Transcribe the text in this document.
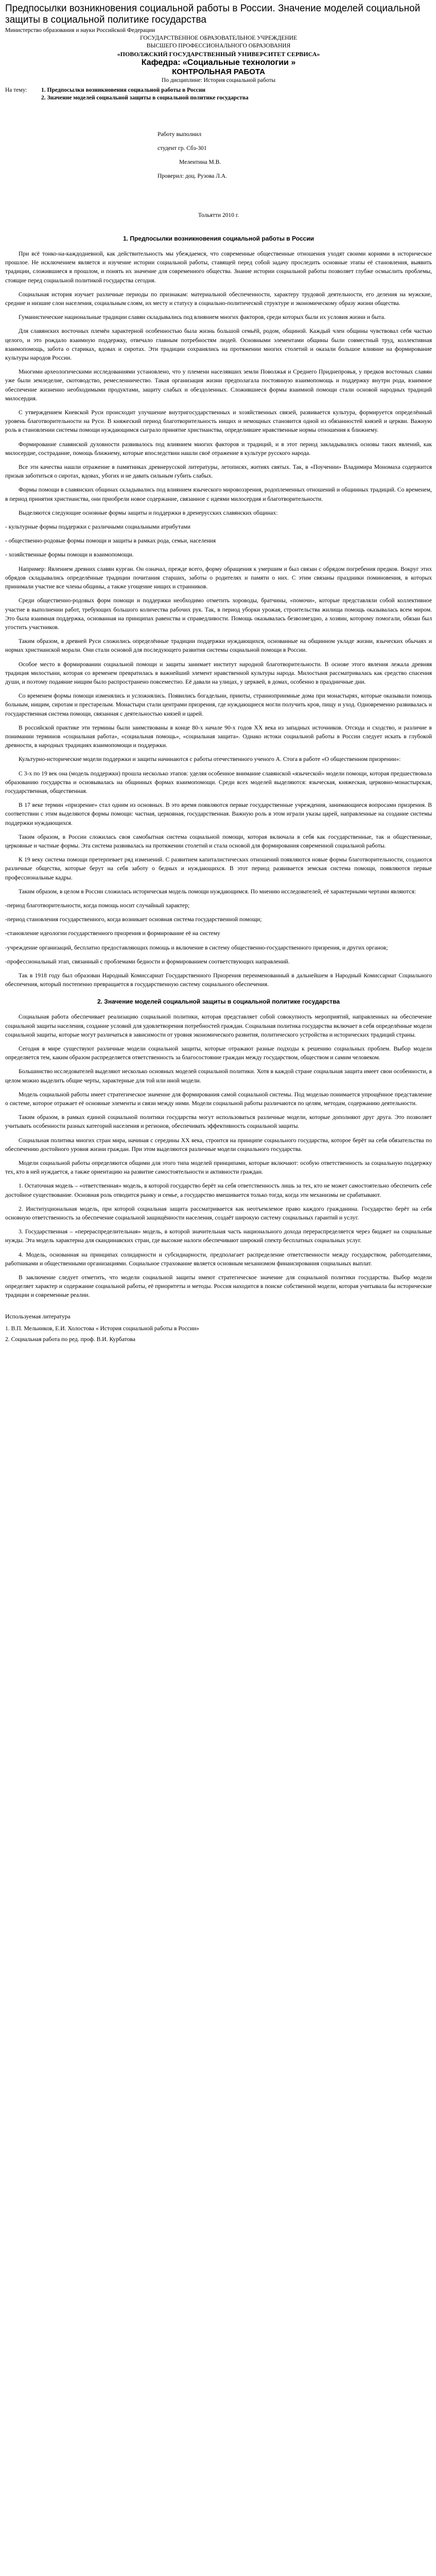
Предпосылки возникновения социальной работы в России. Значение моделей социальной защиты в социальной политике государства

Министерство образования и науки Российской Федерации

ГОСУДАРСТВЕННОЕ ОБРАЗОВАТЕЛЬНОЕ УЧРЕЖДЕНИЕ

ВЫСШЕГО ПРОФЕССИОНАЛЬНОГО ОБРАЗОВАНИЯ

«ПОВОЛЖСКИЙ ГОСУДАРСТВЕННЫЙ УНИВЕРСИТЕТ СЕРВИСА»

Кафедра: «Социальные технологии »

КОНТРОЛЬНАЯ РАБОТА

По дисциплине: История социальной работы

На тему:	1. Предпосылки возникновения социальной работы в России
2. Значение моделей социальной защиты в социальной политике государства

Работу выполнил

студент гр. Сбз-301

Мелентина М.В.

Проверил: доц. Рузова Л.А.

Тольятти 2010 г.

1. Предпосылки возникновения социальной работы в России

При всё тонко-на-каждодневной, как действительность мы убеждаемся, что современные общественные отношения уходят своими корнями в историческое прошлое. Не исключением является и изучение истории социальной работы, ставящей перед собой задачу проследить основные этапы её становления, выявить традиции, сложившиеся в прошлом, и понять их значение для современного общества. Знание истории социальной работы позволяет глубже осмыслить проблемы, стоящие перед социальной политикой государства сегодня.

Социальная история изучает различные периоды по признакам: материальной обеспеченности, характеру трудовой деятельности, его деления на мужские, средние и низшие слои населения, социальным слоям, их месту и статусу в социально-политической структуре и экономическому образу жизни общества.

Гуманистические национальные традиции славян складывались под влиянием многих факторов, среди которых были их условия жизни и быта.

Для славянских восточных племён характерной особенностью была жизнь большой семьёй, родом, общиной. Каждый член общины чувствовал себя частью целого, и это рождало взаимную поддержку, отвечало главным потребностям людей. Основными элементами общины были совместный труд, коллективная взаимопомощь, забота о стариках, вдовах и сиротах. Эти традиции сохранялись на протяжении многих столетий и оказали большое влияние на формирование культуры народов России.

Многими археологическими исследованиями установлено, что у племени населявших земли Поволжья и Среднего Приднепровья, у предков восточных славян уже были земледелие, скотоводство, ремесленничество. Такая организация жизни предполагала постоянную взаимопомощь и поддержку внутри рода, взаимное обеспечение жизненно необходимыми продуктами, защиту слабых и обездоленных. Сложившиеся формы взаимной помощи стали основой народных традиций милосердия.

С утверждением Киевской Руси происходит улучшение внутригосударственных и хозяйственных связей, развивается культура, формируется определённый уровень благотворительности на Руси. В княжеский период благотворительность нищих и немощных становится одной из обязанностей князей и церкви. Важную роль в становлении системы помощи нуждающимся сыграло принятие христианства, определившее нравственные нормы отношения к ближнему.

Формирование славянской духовности развивалось под влиянием многих факторов и традиций, и в этот период закладывались основы таких явлений, как милосердие, сострадание, помощь ближнему, которые впоследствии нашли своё отражение в культуре русского народа.

Все эти качества нашли отражение в памятниках древнерусской литературы, летописях, житиях святых. Так, в «Поучении» Владимира Мономаха содержится призыв заботиться о сиротах, вдовах, убогих и не давать сильным губить слабых.

Формы помощи в славянских общинах складывались под влиянием языческого мировоззрения, родоплеменных отношений и общинных традиций. Со временем, в период принятия христианства, они приобрели новое содержание, связанное с идеями милосердия и благотворительности.

Выделяются следующие основные формы защиты и поддержки в дренерусских славянских общинах:

- культурные формы поддержки с различными социальными атрибутами

- общественно-родовые формы помощи и защиты в рамках рода, семьи, населения

- хозяйственные формы помощи и взаимопомощи.

Например: Явлением древних славян курган. Он означал, прежде всего, форму обращения к умершим и был связан с обрядом погребения предков. Вокруг этих обрядов складывались определённые традиции почитания старших, заботы о родителях и памяти о них. С этим связаны праздники поминовения, в которых принимали участие все члены общины, а также угощение нищих и странников.

Среди общественно-родовых форм помощи и поддержки необходимо отметить хороводы, братчины, «помочи», которые представляли собой коллективное участие в выполнении работ, требующих большого количества рабочих рук. Так, в период уборки урожая, строительства жилища помощь оказывалась всем миром. Это была взаимная поддержка, основанная на принципах равенства и справедливости. Помощь оказывалась безвозмездно, а хозяин, которому помогали, обязан был угостить участников.

Таким образом, в древней Руси сложились определённые традиции поддержки нуждающихся, основанные на общинном укладе жизни, языческих обычаях и нормах христианской морали. Они стали основой для последующего развития системы социальной помощи в России.

Особое место в формировании социальной помощи и защиты занимает институт народной благотворительности. В основе этого явления лежала древняя традиция милостыни, которая со временем превратилась в важнейший элемент нравственной культуры народа. Милостыня рассматривалась как средство спасения души, и поэтому подаяние нищим было распространено повсеместно. Её давали на улицах, у церквей, в домах, особенно в праздничные дни.

Со временем формы помощи изменялись и усложнялись. Появились богадельни, приюты, странноприимные дома при монастырях, которые оказывали помощь больным, нищим, сиротам и престарелым. Монастыри стали центрами призрения, где нуждающиеся могли получить кров, пищу и уход. Одновременно развивалась и государственная система помощи, связанная с деятельностью князей и царей.

В российской практике эти термины были заимствованы в конце 80-х начале 90-х годов XX века из западных источников. Отсюда и сходство, и различие в понимании терминов «социальная работа», «социальная помощь», «социальная защита». Однако истоки социальной работы в России следует искать в глубокой древности, в народных традициях взаимопомощи и поддержки.

Культурно-исторические модели поддержки и защиты начинаются с работы отечественного ученого А. Стога в работе «О общественном призрении»:

С 3-х по 19 век она (модель поддержки) прошла несколько этапов: уделяя особенное внимание славянской «языческой» модели помощи, которая предшествовала образованию государства и основывалась на общинных формах взаимопомощи. Среди всех моделей выделяются: языческая, княжеская, церковно-монастырская, государственная, общественная.

В 17 веке термин «призрение» стал одним из основных. В это время появляются первые государственные учреждения, занимающиеся вопросами призрения. В соответствии с этим выделяются формы помощи: частная, церковная, государственная. Важную роль в этом играли указы царей, направленные на создание системы поддержки нуждающихся.

Таким образом, в России сложилась своя самобытная система социальной помощи, которая включала в себя как государственные, так и общественные, церковные и частные формы. Эта система развивалась на протяжении столетий и стала основой для формирования современной социальной работы.

К 19 веку система помощи претерпевает ряд изменений. С развитием капиталистических отношений появляются новые формы благотворительности, создаются различные общества, которые берут на себя заботу о бедных и нуждающихся. В этот период развивается земская система помощи, появляются первые профессиональные кадры.

Таким образом, в целом в России сложилась историческая модель помощи нуждающимся. По мнению исследователей, её характерными чертами являются:

-период благотворительности, когда помощь носит случайный характер;

-период становления государственного, когда возникает основная система государственной помощи;

-становление идеологии государственного призрения и формирование её на систему

-учреждение организаций, бесплатно предоставляющих помощь и включение в систему общественно-государственного призрения, и других органов;

-профессиональный этап, связанный с проблемами бедности и формированием соответствующих направлений.

Так в 1918 году был образован Народный Комиссариат Государственного Призрения переименованный в дальнейшем в Народный Комиссариат Социального обеспечения, который постепенно превращается в государственную систему социального обеспечения.

2. Значение моделей социальной защиты в социальной политике государства

Социальная работа обеспечивает реализацию социальной политики, которая представляет собой совокупность мероприятий, направленных на обеспечение социальной защиты населения, создание условий для удовлетворения потребностей граждан. Социальная политика государства включает в себя определённые модели социальной защиты, которые могут различаться в зависимости от уровня экономического развития, политического устройства и исторических традиций страны.

Сегодня в мире существуют различные модели социальной защиты, которые отражают разные подходы к решению социальных проблем. Выбор модели определяется тем, каким образом распределяется ответственность за благосостояние граждан между государством, обществом и самим человеком.

Большинство исследователей выделяют несколько основных моделей социальной политики. Хотя в каждой стране социальная защита имеет свои особенности, в целом можно выделить общие черты, характерные для той или иной модели.

Модель социальной работы имеет стратегическое значение для формирования самой социальной системы. Под моделью понимается упрощённое представление о системе, которое отражает её основные элементы и связи между ними. Модели социальной работы различаются по целям, методам, содержанию деятельности.

Таким образом, в рамках единой социальной политики государства могут использоваться различные модели, которые дополняют друг друга. Это позволяет учитывать особенности разных категорий населения и регионов, обеспечивать эффективность социальной защиты.

Социальная политика многих стран мира, начиная с середины XX века, строится на принципе социального государства, которое берёт на себя обязательства по обеспечению достойного уровня жизни граждан. При этом выделяются различные модели социального государства.

Модели социальной работы определяются общими для этого типа моделей принципами, которые включают: особую ответственность за социальную поддержку тех, кто в ней нуждается, а также ориентацию на развитие самостоятельности и активности граждан.

1. Остаточная модель – «ответственная» модель, в которой государство берёт на себя ответственность лишь за тех, кто не может самостоятельно обеспечить себе достойное существование. Основная роль отводится рынку и семье, а государство вмешивается только тогда, когда эти механизмы не срабатывают.

2. Институциональная модель, при которой социальная защита рассматривается как неотъемлемое право каждого гражданина. Государство берёт на себя основную ответственность за обеспечение социальной защищённости населения, создаёт широкую систему социальных гарантий и услуг.

3. Государственная – «перераспределительная» модель, в которой значительная часть национального дохода перераспределяется через бюджет на социальные нужды. Эта модель характерна для скандинавских стран, где высокие налоги обеспечивают широкий спектр бесплатных социальных услуг.

4. Модель, основанная на принципах солидарности и субсидиарности, предполагает распределение ответственности между государством, работодателями, работниками и общественными организациями. Социальное страхование является основным механизмом финансирования социальных выплат.

В заключение следует отметить, что модели социальной защиты имеют стратегическое значение для социальной политики государства. Выбор модели определяет характер и содержание социальной работы, её приоритеты и методы. Россия находится в поиске собственной модели, которая учитывала бы исторические традиции и современные реалии.

Используемая литература

1. В.П. Мельников, Е.И. Холостова « История социальной работы в России»

2. Социальная работа по ред. проф. В.И. Курбатова
